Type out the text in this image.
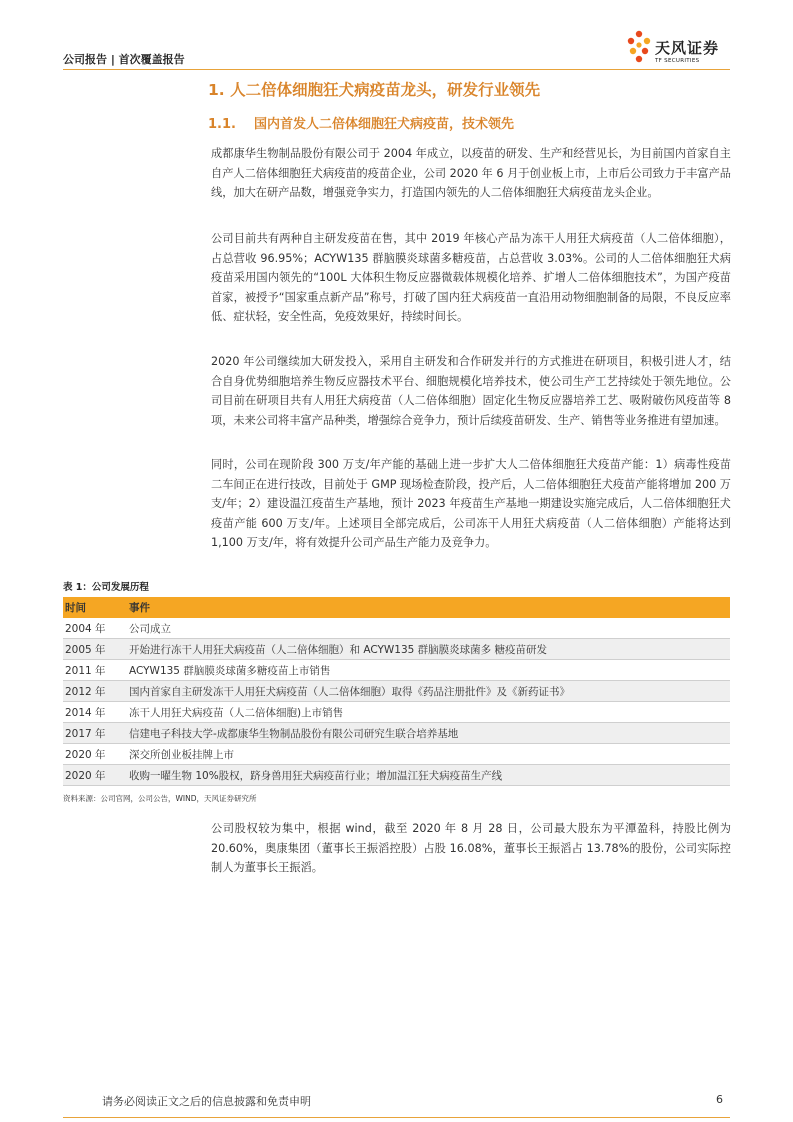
公司报告 | 首次覆盖报告
天风证券
TF SECURITIES
1. 人二倍体细胞狂犬病疫苗龙头，研发行业领先
1.1. 国内首发人二倍体细胞狂犬病疫苗，技术领先

成都康华生物制品股份有限公司于 2004 年成立，以疫苗的研发、生产和经营见长，为目前国内首家自主自产人二倍体细胞狂犬病疫苗的疫苗企业，公司 2020 年 6 月于创业板上市，上市后公司致力于丰富产品线，加大在研产品数，增强竞争实力，打造国内领先的人二倍体细胞狂犬病疫苗龙头企业。

公司目前共有两种自主研发疫苗在售，其中 2019 年核心产品为冻干人用狂犬病疫苗（人二倍体细胞），占总营收 96.95%；ACYW135 群脑膜炎球菌多糖疫苗，占总营收 3.03%。公司的人二倍体细胞狂犬病疫苗采用国内领先的“100L 大体积生物反应器微载体规模化培养、扩增人二倍体细胞技术”，为国产疫苗首家，被授予“国家重点新产品”称号，打破了国内狂犬病疫苗一直沿用动物细胞制备的局限，不良反应率低、症状轻，安全性高，免疫效果好，持续时间长。

2020 年公司继续加大研发投入，采用自主研发和合作研发并行的方式推进在研项目，积极引进人才，结合自身优势细胞培养生物反应器技术平台、细胞规模化培养技术，使公司生产工艺持续处于领先地位。公司目前在研项目共有人用狂犬病疫苗（人二倍体细胞）固定化生物反应器培养工艺、吸附破伤风疫苗等 8 项，未来公司将丰富产品种类，增强综合竞争力，预计后续疫苗研发、生产、销售等业务推进有望加速。

同时，公司在现阶段 300 万支/年产能的基础上进一步扩大人二倍体细胞狂犬疫苗产能：1）病毒性疫苗二车间正在进行技改，目前处于 GMP 现场检查阶段，投产后，人二倍体细胞狂犬疫苗产能将增加 200 万支/年；2）建设温江疫苗生产基地，预计 2023 年疫苗生产基地一期建设实施完成后，人二倍体细胞狂犬疫苗产能 600 万支/年。上述项目全部完成后，公司冻干人用狂犬病疫苗（人二倍体细胞）产能将达到 1,100 万支/年，将有效提升公司产品生产能力及竞争力。

表 1：公司发展历程
时间	事件
2004 年	公司成立
2005 年	开始进行冻干人用狂犬病疫苗（人二倍体细胞）和 ACYW135 群脑膜炎球菌多 糖疫苗研发
2011 年	ACYW135 群脑膜炎球菌多糖疫苗上市销售
2012 年	国内首家自主研发冻干人用狂犬病疫苗（人二倍体细胞）取得《药品注册批件》及《新药证书》
2014 年	冻干人用狂犬病疫苗（人二倍体细胞)上市销售
2017 年	信建电子科技大学-成都康华生物制品股份有限公司研究生联合培养基地
2020 年	深交所创业板挂牌上市
2020 年	收购一曜生物 10%股权，跻身兽用狂犬病疫苗行业；增加温江狂犬病疫苗生产线
资料来源：公司官网，公司公告，WIND，天风证券研究所

公司股权较为集中，根据 wind，截至 2020 年 8 月 28 日，公司最大股东为平潭盈科，持股比例为 20.60%，奥康集团（董事长王振滔控股）占股 16.08%，董事长王振滔占 13.78%的股份，公司实际控制人为董事长王振滔。

请务必阅读正文之后的信息披露和免责申明	6
